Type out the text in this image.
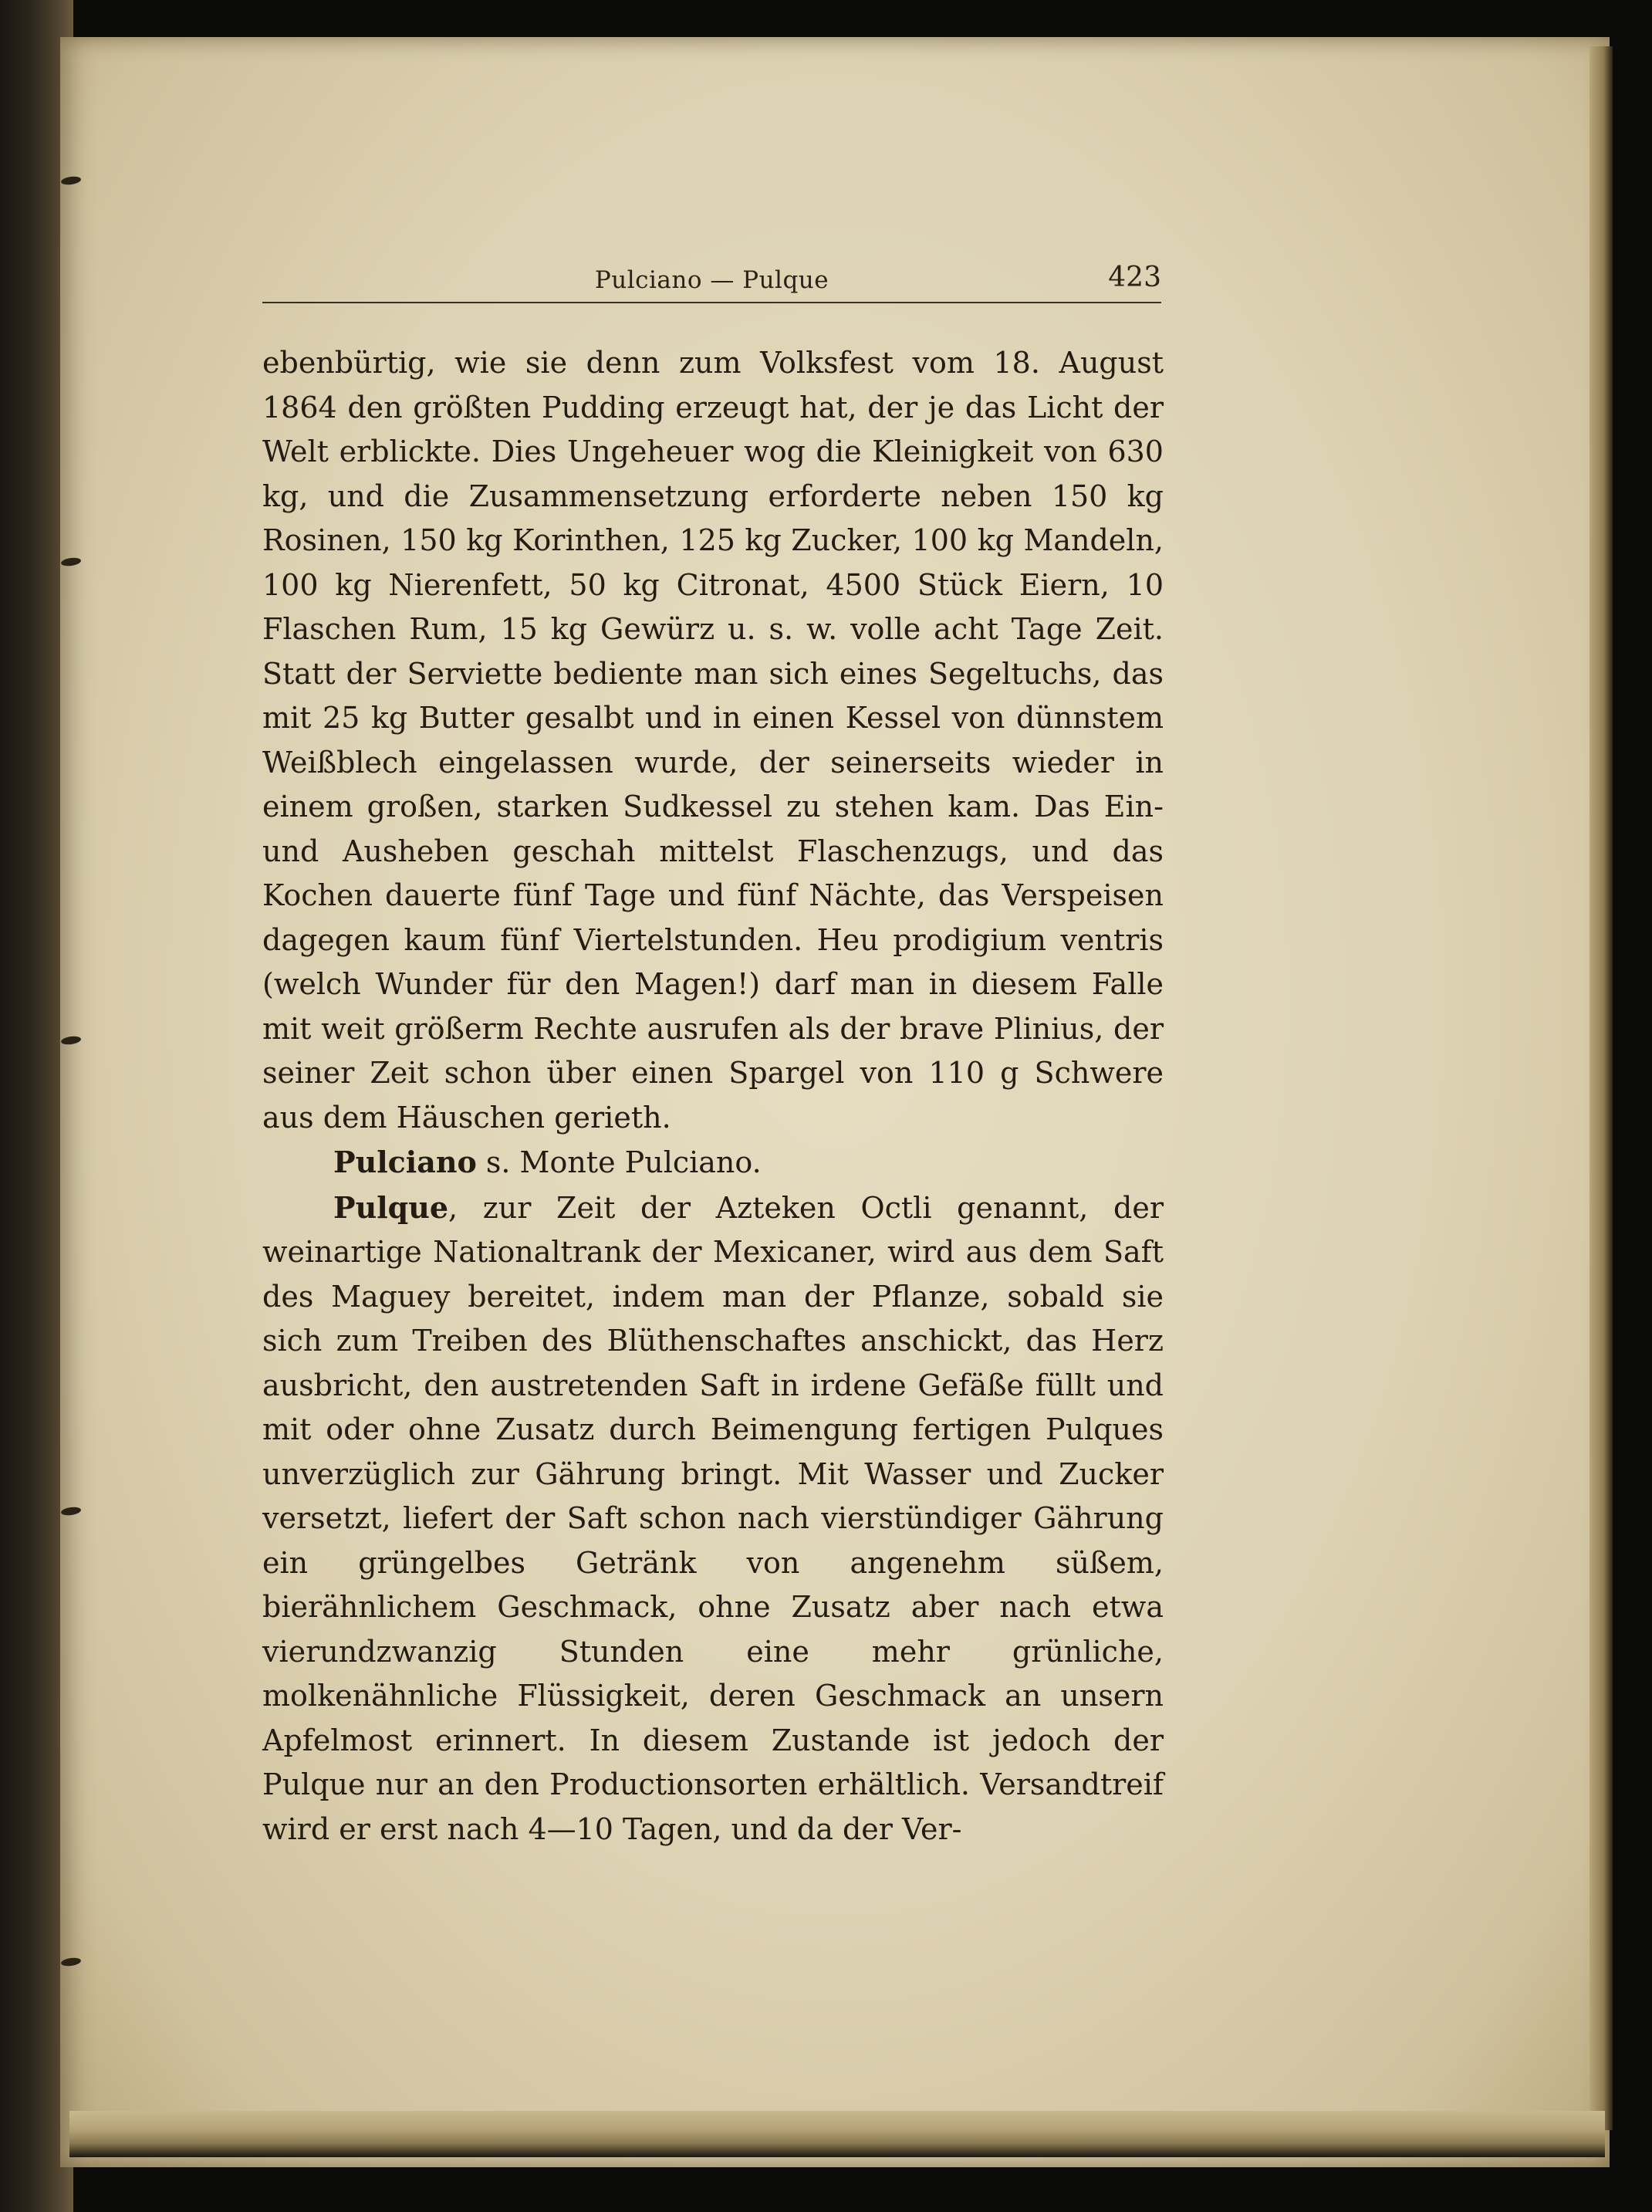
Pulciano — Pulque	423

ebenbürtig, wie sie denn zum Volksfest vom 18. August 1864 den größten Pudding erzeugt hat, der je das Licht der Welt erblickte. Dies Ungeheuer wog die Kleinigkeit von 630 kg, und die Zusammensetzung erforderte neben 150 kg Rosinen, 150 kg Korinthen, 125 kg Zucker, 100 kg Mandeln, 100 kg Nierenfett, 50 kg Citronat, 4500 Stück Eiern, 10 Flaschen Rum, 15 kg Gewürz u. s. w. volle acht Tage Zeit. Statt der Serviette bediente man sich eines Segeltuchs, das mit 25 kg Butter gesalbt und in einen Kessel von dünnstem Weißblech eingelassen wurde, der seinerseits wieder in einem großen, starken Sudkessel zu stehen kam. Das Ein- und Ausheben geschah mittelst Flaschenzugs, und das Kochen dauerte fünf Tage und fünf Nächte, das Verspeisen dagegen kaum fünf Viertelstunden. Heu prodigium ventris (welch Wunder für den Magen!) darf man in diesem Falle mit weit größerm Rechte ausrufen als der brave Plinius, der seiner Zeit schon über einen Spargel von 110 g Schwere aus dem Häuschen gerieth.

Pulciano s. Monte Pulciano.

Pulque, zur Zeit der Azteken Octli genannt, der weinartige Nationaltrank der Mexicaner, wird aus dem Saft des Maguey bereitet, indem man der Pflanze, sobald sie sich zum Treiben des Blüthenschaftes anschickt, das Herz ausbricht, den austretenden Saft in irdene Gefäße füllt und mit oder ohne Zusatz durch Beimengung fertigen Pulques unverzüglich zur Gährung bringt. Mit Wasser und Zucker versetzt, liefert der Saft schon nach vierstündiger Gährung ein grüngelbes Getränk von angenehm süßem, bierähnlichem Geschmack, ohne Zusatz aber nach etwa vierundzwanzig Stunden eine mehr grünliche, molkenähnliche Flüssigkeit, deren Geschmack an unsern Apfelmost erinnert. In diesem Zustande ist jedoch der Pulque nur an den Productionsorten erhältlich. Versandtreif wird er erst nach 4—10 Tagen, und da der Ver-
